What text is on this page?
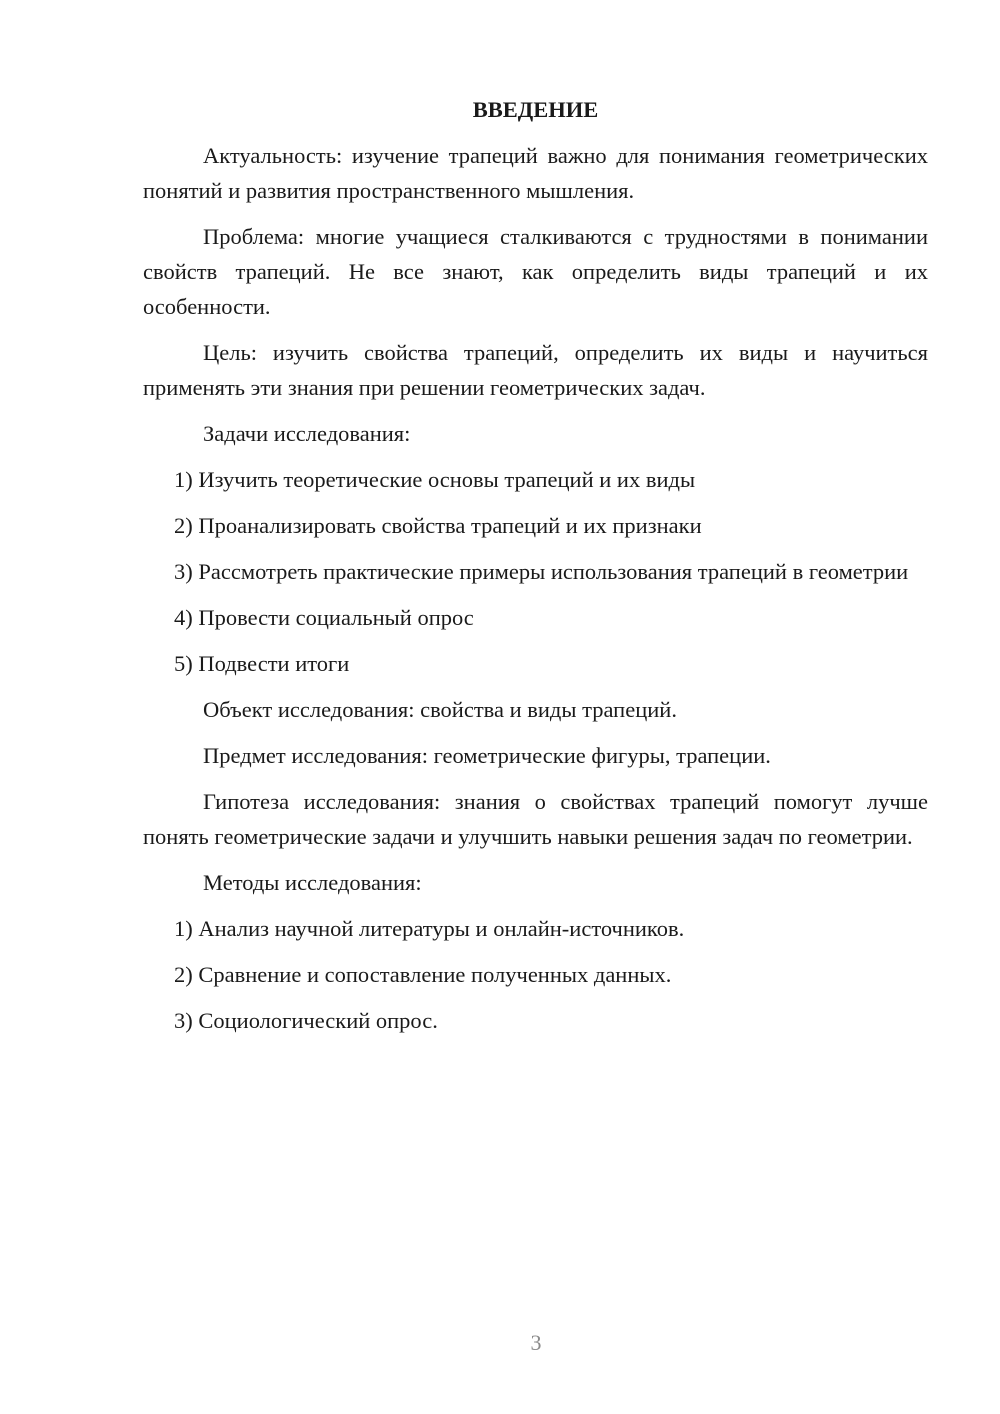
ВВЕДЕНИЕ

Актуальность: изучение трапеций важно для понимания геометрических понятий и развития пространственного мышления.

Проблема: многие учащиеся сталкиваются с трудностями в понимании свойств трапеций. Не все знают, как определить виды трапеций и их особенности.

Цель: изучить свойства трапеций, определить их виды и научиться применять эти знания при решении геометрических задач.

Задачи исследования:

1) Изучить теоретические основы трапеций и их виды

2) Проанализировать свойства трапеций и их признаки

3) Рассмотреть практические примеры использования трапеций в геометрии

4) Провести социальный опрос

5) Подвести итоги

Объект исследования: свойства и виды трапеций.

Предмет исследования: геометрические фигуры, трапеции.

Гипотеза исследования: знания о свойствах трапеций помогут лучше понять геометрические задачи и улучшить навыки решения задач по геометрии.

Методы исследования:

1) Анализ научной литературы и онлайн-источников.

2) Сравнение и сопоставление полученных данных.

3) Социологический опрос.

3
